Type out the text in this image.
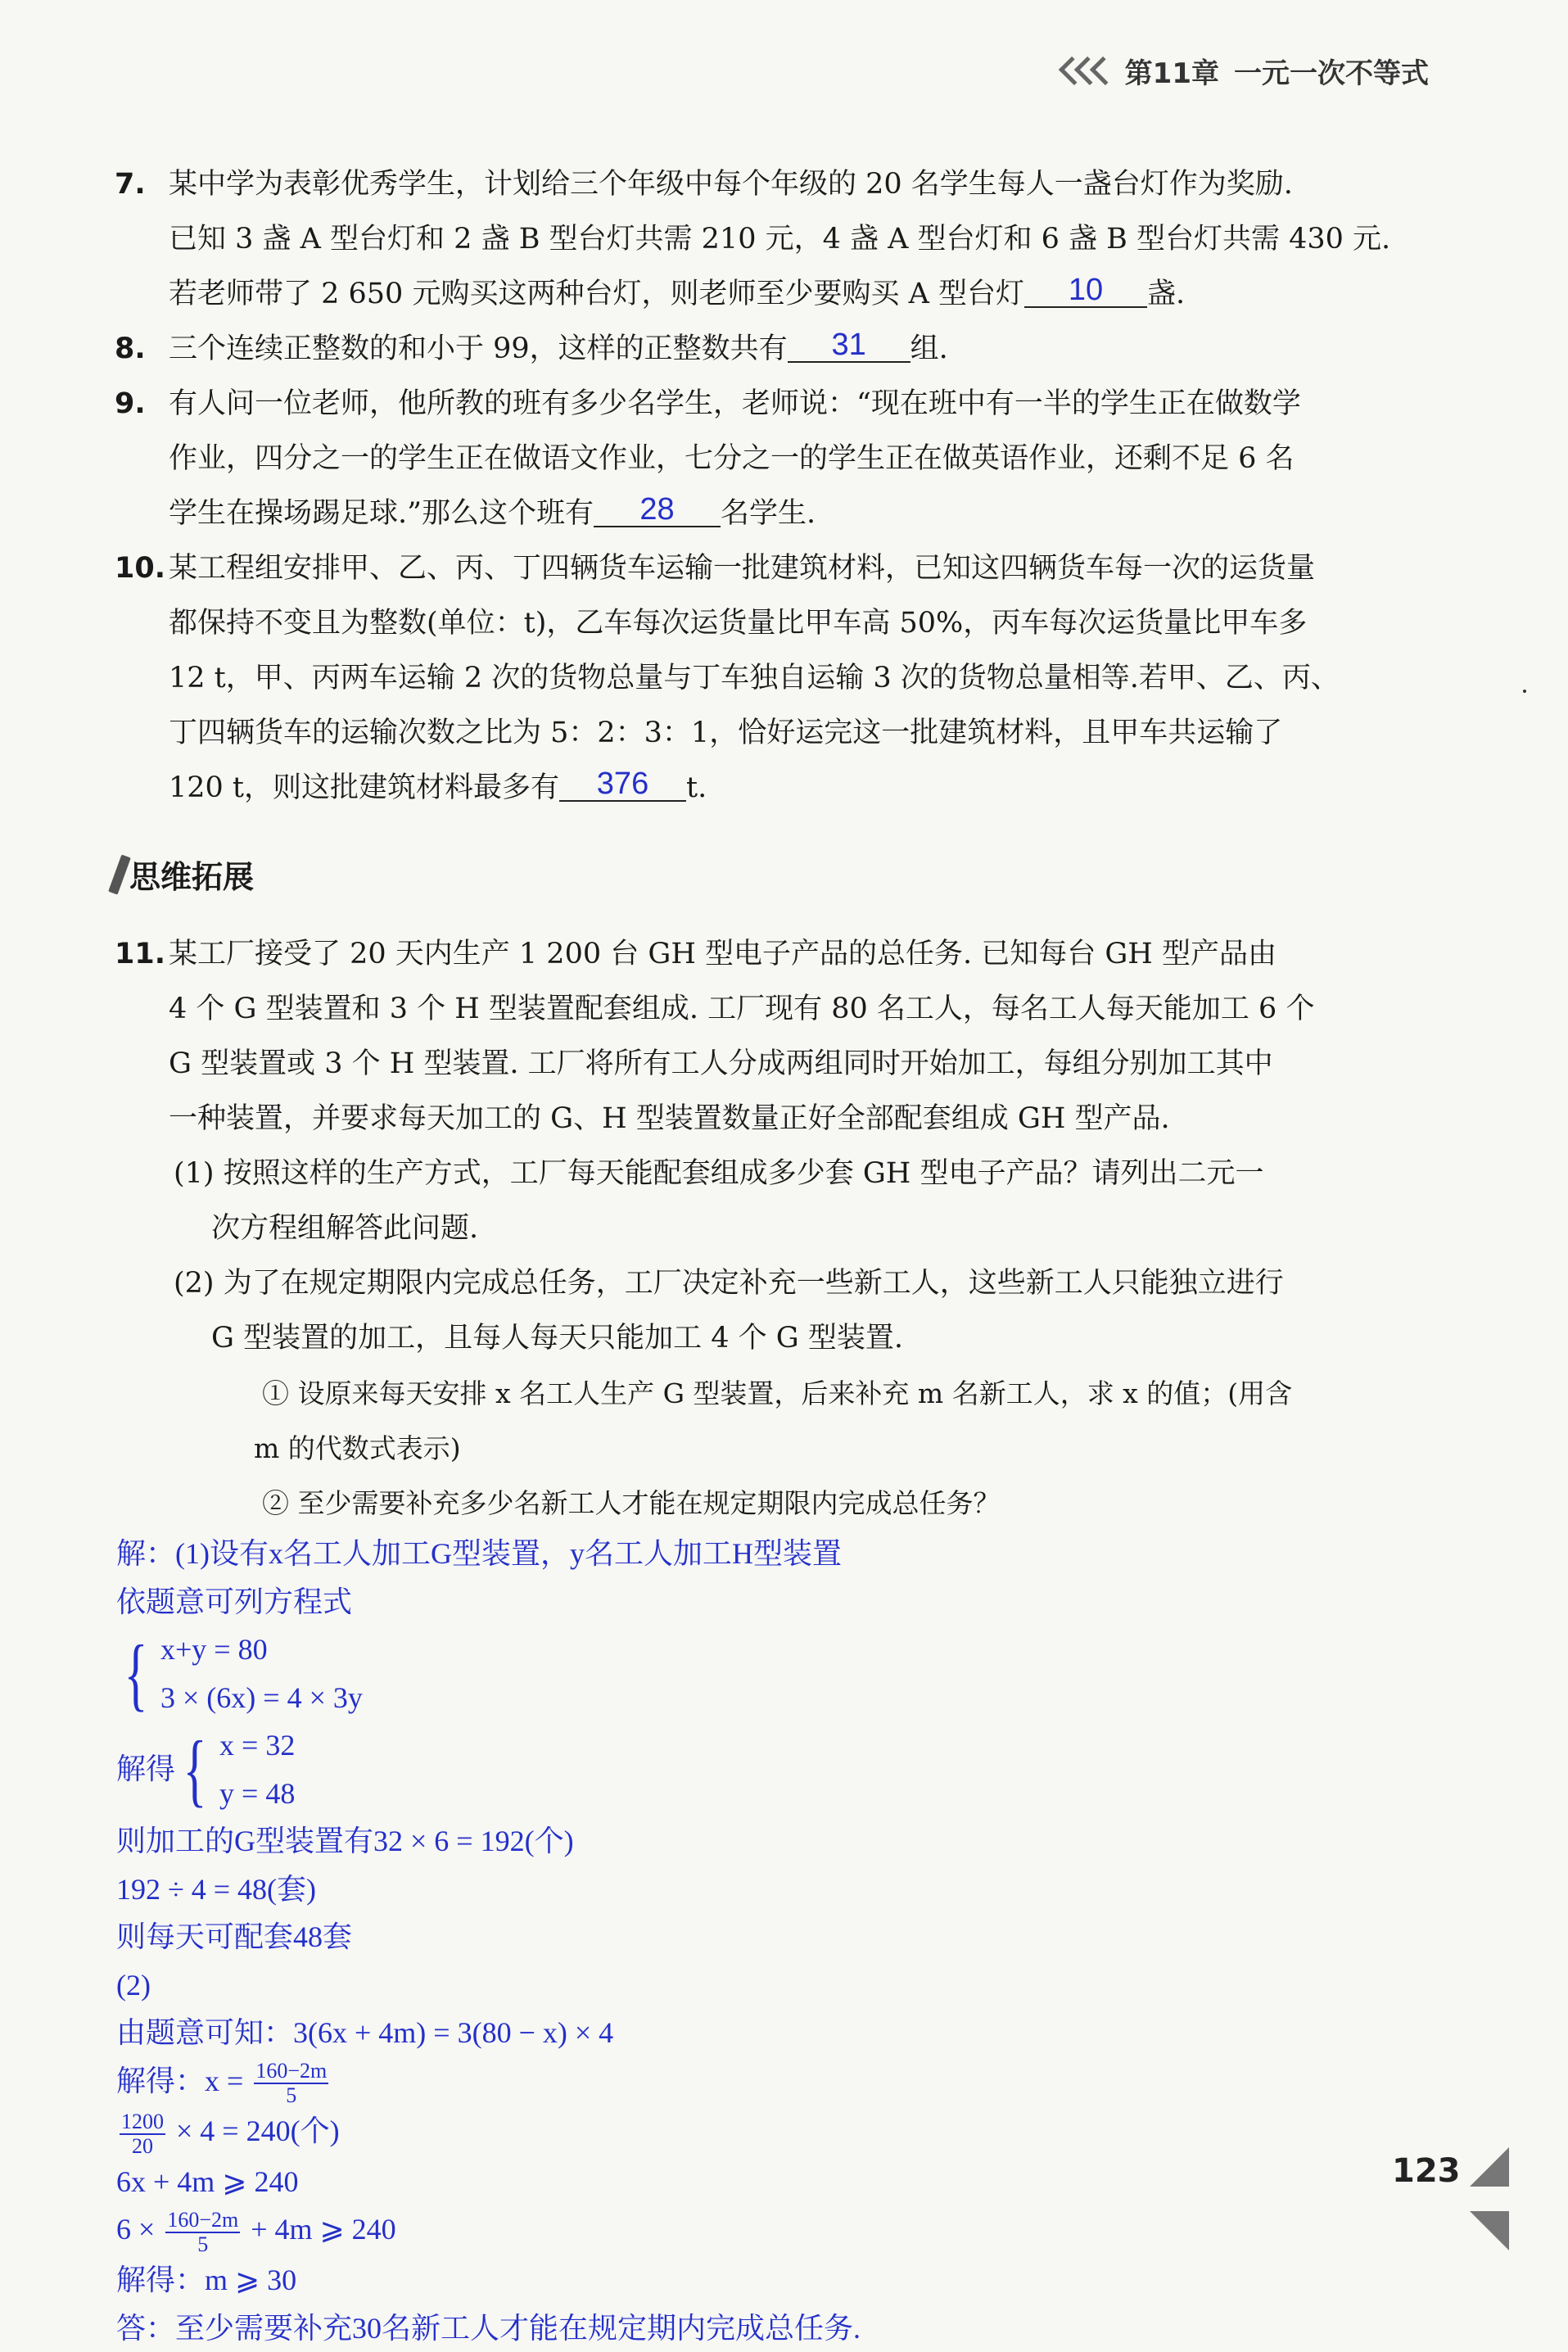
第11章 一元一次不等式
7. 某中学为表彰优秀学生，计划给三个年级中每个年级的 20 名学生每人一盏台灯作为奖励.

已知 3 盏 A 型台灯和 2 盏 B 型台灯共需 210 元，4 盏 A 型台灯和 6 盏 B 型台灯共需 430 元.

若老师带了 2 650 元购买这两种台灯，则老师至少要购买 A 型台灯 10 盏.

8. 三个连续正整数的和小于 99，这样的正整数共有 31 组.

9. 有人问一位老师，他所教的班有多少名学生，老师说：“现在班中有一半的学生正在做数学

作业，四分之一的学生正在做语文作业，七分之一的学生正在做英语作业，还剩不足 6 名

学生在操场踢足球.”那么这个班有 28 名学生.

10. 某工程组安排甲、乙、丙、丁四辆货车运输一批建筑材料，已知这四辆货车每一次的运货量

都保持不变且为整数(单位：t)，乙车每次运货量比甲车高 50%，丙车每次运货量比甲车多

12 t，甲、丙两车运输 2 次的货物总量与丁车独自运输 3 次的货物总量相等.若甲、乙、丙、

丁四辆货车的运输次数之比为 5：2：3：1，恰好运完这一批建筑材料，且甲车共运输了

120 t，则这批建筑材料最多有 376 t.

思维拓展
11. 某工厂接受了 20 天内生产 1 200 台 GH 型电子产品的总任务. 已知每台 GH 型产品由

4 个 G 型装置和 3 个 H 型装置配套组成. 工厂现有 80 名工人，每名工人每天能加工 6 个

G 型装置或 3 个 H 型装置. 工厂将所有工人分成两组同时开始加工，每组分别加工其中

一种装置，并要求每天加工的 G、H 型装置数量正好全部配套组成 GH 型产品.

(1) 按照这样的生产方式，工厂每天能配套组成多少套 GH 型电子产品？请列出二元一

次方程组解答此问题.

(2) 为了在规定期限内完成总任务，工厂决定补充一些新工人，这些新工人只能独立进行

G 型装置的加工，且每人每天只能加工 4 个 G 型装置.

① 设原来每天安排 x 名工人生产 G 型装置，后来补充 m 名新工人，求 x 的值；(用含

m 的代数式表示)

② 至少需要补充多少名新工人才能在规定期限内完成总任务？

解：(1)设有x名工人加工G型装置，y名工人加工H型装置
依题意可列方程式
{ x+y = 80
3 × (6x) = 4 × 3y
解得 { x = 32
y = 48
则加工的G型装置有32 × 6 = 192(个)
192 ÷ 4 = 48(套)
则每天可配套48套
(2)
由题意可知：3(6x + 4m) = 3(80 − x) × 4
解得：$x = \frac{160-2m}{5}$
$\frac{1200}{20} \times 4 = 240$(个)
6x + 4m ⩾ 240
$6 \times \frac{160-2m}{5} + 4m$ ⩾ 240
解得：m ⩾ 30
答：至少需要补充30名新工人才能在规定期内完成总任务.
123
